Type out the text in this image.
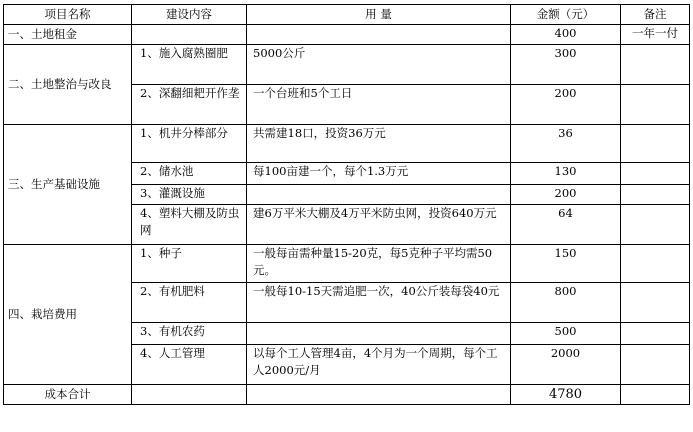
项目名称	建设内容	用 量	金额（元）	备注
一、土地租金			400	一年一付
二、土地整治与改良	1、施入腐熟圈肥	5000公斤	300	
	2、深翻细耙开作垄	一个台班和5个工日	200	
三、生产基础设施	1、机井分棒部分	共需建18口，投资36万元	36	
	2、储水池	每100亩建一个，每个1.3万元	130	
	3、灌溉设施		200	
	4、塑料大棚及防虫网	建6万平米大棚及4万平米防虫网，投资640万元	64	
四、栽培费用	1、种子	一般每亩需种量15-20克，每5克种子平均需50元。	150	
	2、有机肥料	一般每10-15天需追肥一次，40公斤装每袋40元	800	
	3、有机农药		500	
	4、人工管理	以每个工人管理4亩，4个月为一个周期，每个工人2000元/月	2000	
成本合计			4780	
